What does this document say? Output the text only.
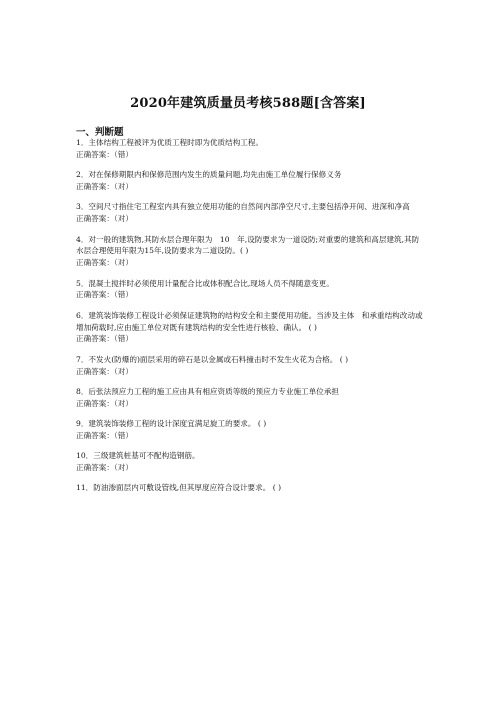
2020年建筑质量员考核588题[含答案]
一、判断题
1．主体结构工程被评为优质工程时即为优质结构工程。
正确答案：（错）
2．对在保修期限内和保修范围内发生的质量问题,均先由施工单位履行保修义务
正确答案：（对）
3．空间尺寸指住宅工程室内具有独立使用功能的自然间内部净空尺寸,主要包括净开间、进深和净高
正确答案：（对）
4．对一般的建筑物,其防水层合理年限为　10　年,设防要求为一道设防;对重要的建筑和高层建筑,其防水层合理使用年限为15年,设防要求为二道设防。( )
正确答案：（对）
5．混凝土搅拌时必须使用计量配合比或体积配合比,现场人员不得随意变更。
正确答案：（错）
6．建筑装饰装修工程设计必须保证建筑物的结构安全和主要使用功能。当涉及主体　和承重结构改动或增加荷载时,应由施工单位对既有建筑结构的安全性进行核验、确认。 ( )
正确答案：（错）
7．不发火(防爆的)面层采用的碎石是以金属或石料撞击时不发生火花为合格。 ( )
正确答案：（对）
8．后张法预应力工程的施工应由具有相应资质等级的预应力专业施工单位承担
正确答案：（对）
9．建筑装饰装修工程的设计深度宜满足旋工的要求。 ( )
正确答案：（错）
10．三级建筑桩基可不配构造钢筋。
正确答案：（对）
11．防油渗面层内可敷设管线,但其厚度应符合设计要求。 ( )
